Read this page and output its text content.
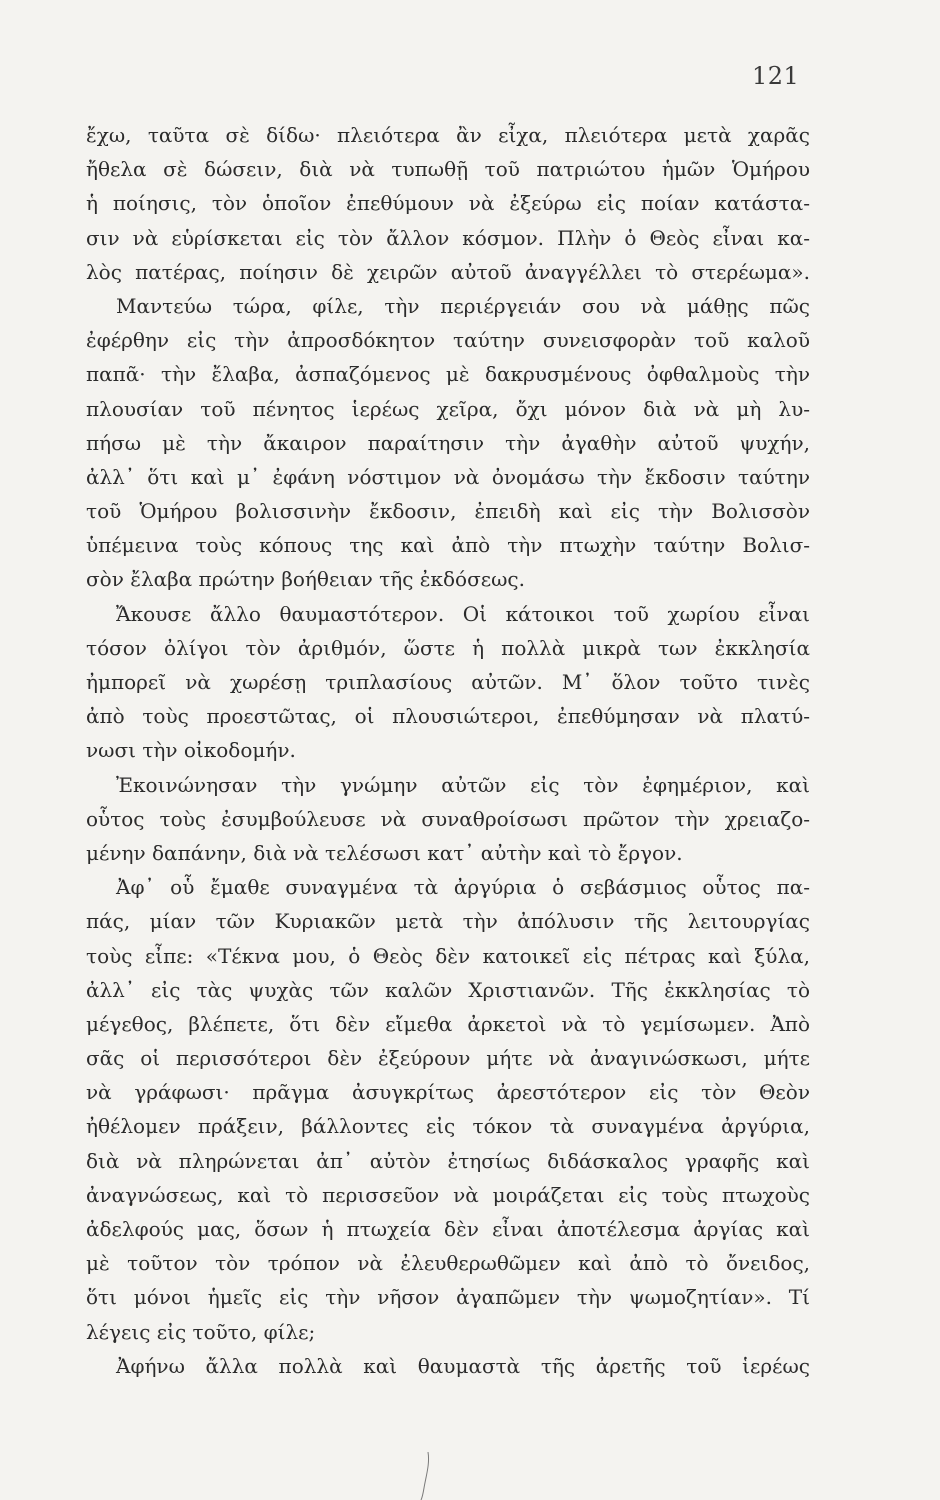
121
ἔχω, ταῦτα σὲ δίδω· πλειότερα ἂν εἶχα, πλειότερα μετὰ χαρᾶς
ἤθελα σὲ δώσειν, διὰ νὰ τυπωθῇ τοῦ πατριώτου ἡμῶν Ὁμήρου
ἡ ποίησις, τὸν ὁποῖον ἐπεθύμουν νὰ ἐξεύρω εἰς ποίαν κατάστα-
σιν νὰ εὑρίσκεται εἰς τὸν ἄλλον κόσμον. Πλὴν ὁ Θεὸς εἶναι κα-
λὸς πατέρας, ποίησιν δὲ χειρῶν αὐτοῦ ἀναγγέλλει τὸ στερέωμα».
Μαντεύω τώρα, φίλε, τὴν περιέργειάν σου νὰ μάθῃς πῶς
ἐφέρθην εἰς τὴν ἀπροσδόκητον ταύτην συνεισφορὰν τοῦ καλοῦ
παπᾶ· τὴν ἔλαβα, ἀσπαζόμενος μὲ δακρυσμένους ὀφθαλμοὺς τὴν
πλουσίαν τοῦ πένητος ἱερέως χεῖρα, ὄχι μόνον διὰ νὰ μὴ λυ-
πήσω μὲ τὴν ἄκαιρον παραίτησιν τὴν ἀγαθὴν αὐτοῦ ψυχήν,
ἀλλ᾿ ὅτι καὶ μ᾿ ἐφάνη νόστιμον νὰ ὀνομάσω τὴν ἔκδοσιν ταύτην
τοῦ Ὁμήρου βολισσινὴν ἔκδοσιν, ἐπειδὴ καὶ εἰς τὴν Βολισσὸν
ὑπέμεινα τοὺς κόπους της καὶ ἀπὸ τὴν πτωχὴν ταύτην Βολισ-
σὸν ἔλαβα πρώτην βοήθειαν τῆς ἐκδόσεως.
Ἄκουσε ἄλλο θαυμαστότερον. Οἱ κάτοικοι τοῦ χωρίου εἶναι
τόσον ὀλίγοι τὸν ἀριθμόν, ὥστε ἡ πολλὰ μικρὰ των ἐκκλησία
ἠμπορεῖ νὰ χωρέσῃ τριπλασίους αὐτῶν. Μ᾿ ὅλον τοῦτο τινὲς
ἀπὸ τοὺς προεστῶτας, οἱ πλουσιώτεροι, ἐπεθύμησαν νὰ πλατύ-
νωσι τὴν οἰκοδομήν.
Ἐκοινώνησαν τὴν γνώμην αὐτῶν εἰς τὸν ἐφημέριον, καὶ
οὗτος τοὺς ἐσυμβούλευσε νὰ συναθροίσωσι πρῶτον τὴν χρειαζο-
μένην δαπάνην, διὰ νὰ τελέσωσι κατ᾿ αὐτὴν καὶ τὸ ἔργον.
Ἀφ᾿ οὗ ἔμαθε συναγμένα τὰ ἀργύρια ὁ σεβάσμιος οὗτος πα-
πάς, μίαν τῶν Κυριακῶν μετὰ τὴν ἀπόλυσιν τῆς λειτουργίας
τοὺς εἶπε: «Τέκνα μου, ὁ Θεὸς δὲν κατοικεῖ εἰς πέτρας καὶ ξύλα,
ἀλλ᾿ εἰς τὰς ψυχὰς τῶν καλῶν Χριστιανῶν. Τῆς ἐκκλησίας τὸ
μέγεθος, βλέπετε, ὅτι δὲν εἴμεθα ἀρκετοὶ νὰ τὸ γεμίσωμεν. Ἀπὸ
σᾶς οἱ περισσότεροι δὲν ἐξεύρουν μήτε νὰ ἀναγινώσκωσι, μήτε
νὰ γράφωσι· πρᾶγμα ἀσυγκρίτως ἀρεστότερον εἰς τὸν Θεὸν
ἠθέλομεν πράξειν, βάλλοντες εἰς τόκον τὰ συναγμένα ἀργύρια,
διὰ νὰ πληρώνεται ἀπ᾿ αὐτὸν ἐτησίως διδάσκαλος γραφῆς καὶ
ἀναγνώσεως, καὶ τὸ περισσεῦον νὰ μοιράζεται εἰς τοὺς πτωχοὺς
ἀδελφούς μας, ὅσων ἡ πτωχεία δὲν εἶναι ἀποτέλεσμα ἀργίας καὶ
μὲ τοῦτον τὸν τρόπον νὰ ἐλευθερωθῶμεν καὶ ἀπὸ τὸ ὄνειδος,
ὅτι μόνοι ἡμεῖς εἰς τὴν νῆσον ἀγαπῶμεν τὴν ψωμοζητίαν». Τί
λέγεις εἰς τοῦτο, φίλε;
Ἀφήνω ἄλλα πολλὰ καὶ θαυμαστὰ τῆς ἀρετῆς τοῦ ἱερέως
